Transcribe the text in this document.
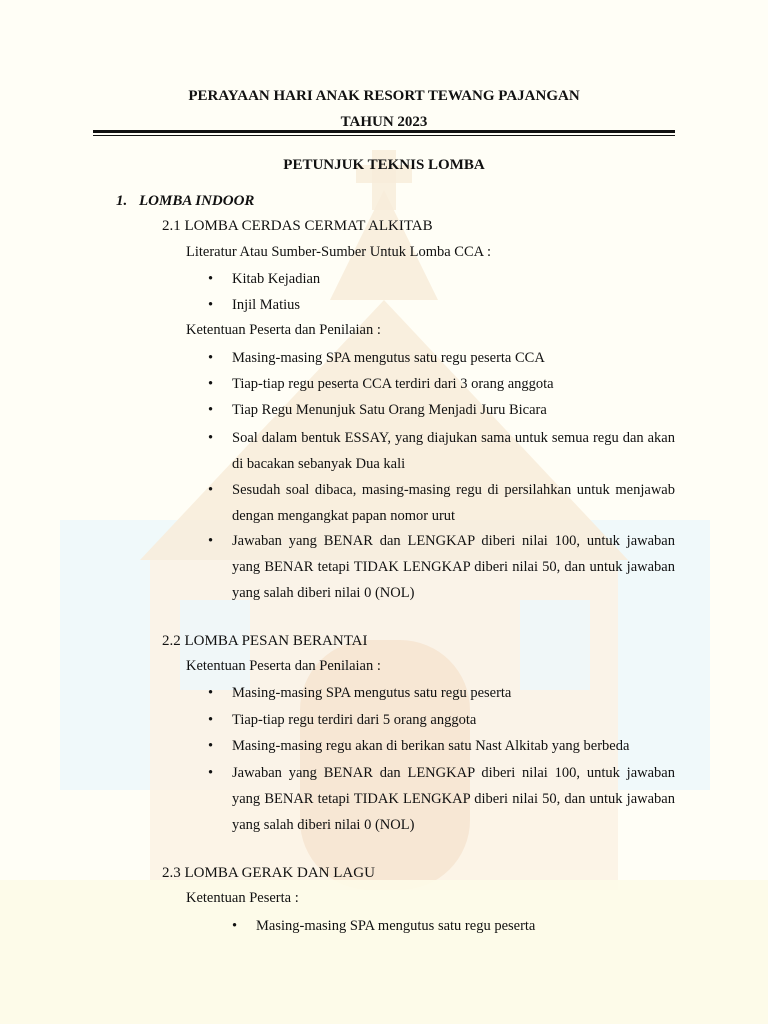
PERAYAAN HARI ANAK RESORT TEWANG PAJANGAN
TAHUN 2023
PETUNJUK TEKNIS LOMBA
1. LOMBA INDOOR
2.1 LOMBA CERDAS CERMAT ALKITAB
Literatur Atau Sumber-Sumber Untuk Lomba CCA :
• Kitab Kejadian
• Injil Matius
Ketentuan Peserta dan Penilaian :
• Masing-masing SPA mengutus satu regu peserta CCA
• Tiap-tiap regu peserta CCA terdiri dari 3 orang anggota
• Tiap Regu Menunjuk Satu Orang Menjadi Juru Bicara
• Soal dalam bentuk ESSAY, yang diajukan sama untuk semua regu dan akan di bacakan sebanyak Dua kali
• Sesudah soal dibaca, masing-masing regu di persilahkan untuk menjawab dengan mengangkat papan nomor urut
• Jawaban yang BENAR dan LENGKAP diberi nilai 100, untuk jawaban yang BENAR tetapi TIDAK LENGKAP diberi nilai 50, dan untuk jawaban yang salah diberi nilai 0 (NOL)
2.2 LOMBA PESAN BERANTAI
Ketentuan Peserta dan Penilaian :
• Masing-masing SPA mengutus satu regu peserta
• Tiap-tiap regu terdiri dari 5 orang anggota
• Masing-masing regu akan di berikan satu Nast Alkitab yang berbeda
• Jawaban yang BENAR dan LENGKAP diberi nilai 100, untuk jawaban yang BENAR tetapi TIDAK LENGKAP diberi nilai 50, dan untuk jawaban yang salah diberi nilai 0 (NOL)
2.3 LOMBA GERAK DAN LAGU
Ketentuan Peserta :
• Masing-masing SPA mengutus satu regu peserta
